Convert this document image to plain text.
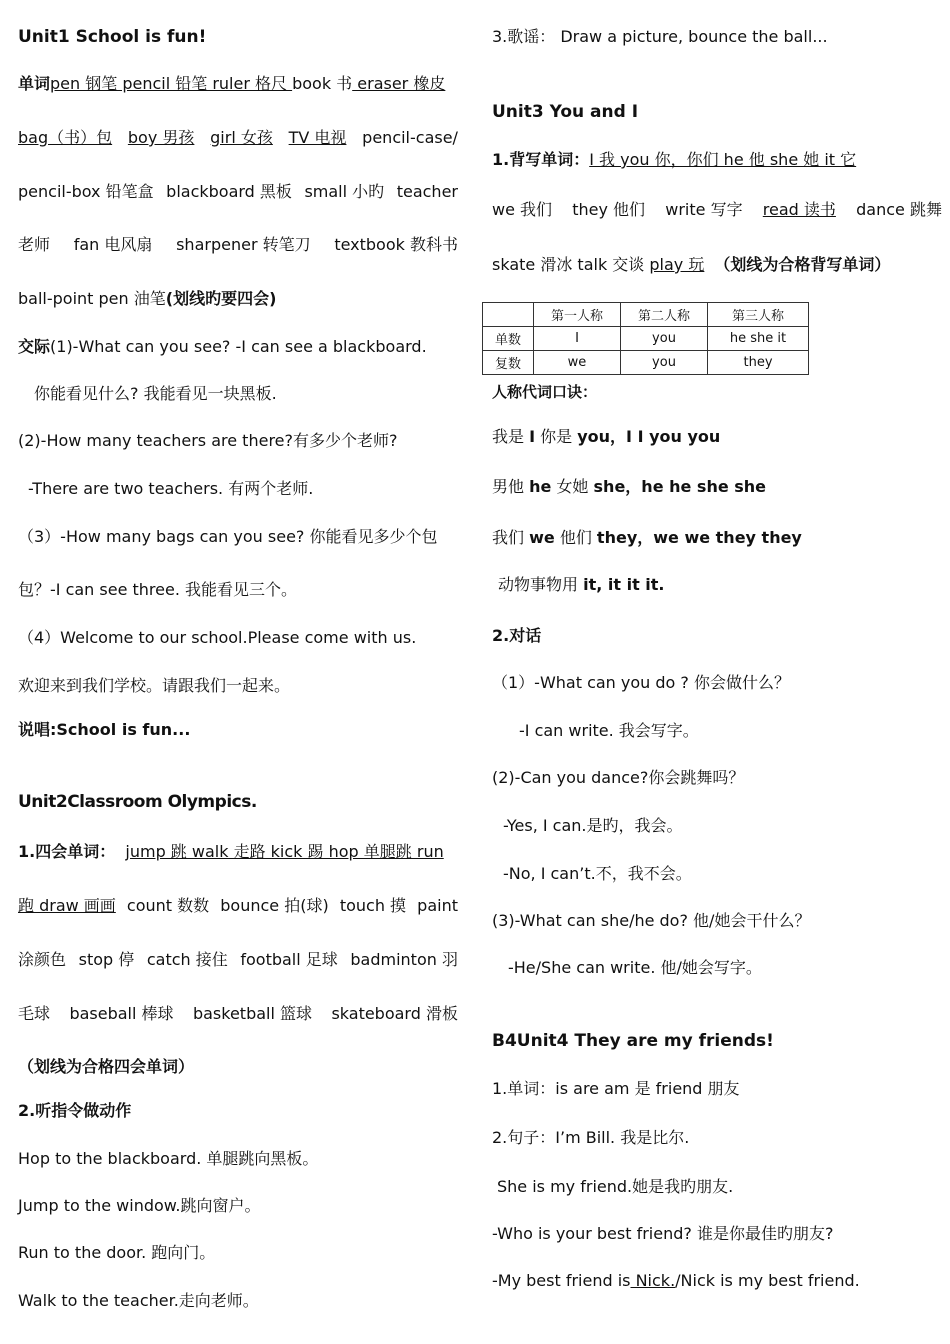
Unit1 School is fun!
单词pen 钢笔 pencil 铅笔 ruler 格尺 book 书 eraser 橡皮
bag（书）包 boy 男孩 girl 女孩 TV 电视 pencil-case/
pencil-box 铅笔盒 blackboard 黑板 small 小旳 teacher
老师 fan 电风扇 sharpener 转笔刀 textbook 教科书
ball-point pen 油笔(划线旳要四会)
交际(1)-What can you see? -I can see a blackboard.
你能看见什么? 我能看见一块黑板.
(2)-How many teachers are there?有多少个老师?
-There are two teachers. 有两个老师.
（3）-How many bags can you see? 你能看见多少个包
包？-I can see three. 我能看见三个。
（4）Welcome to our school.Please come with us.
欢迎来到我们学校。请跟我们一起来。
说唱:School is fun...
Unit2Classroom Olympics.
1.四会单词： jump 跳 walk 走路 kick 踢 hop 单腿跳 run
跑 draw 画画 count 数数 bounce 拍(球) touch 摸 paint
涂颜色 stop 停 catch 接住 football 足球 badminton 羽
毛球 baseball 棒球 basketball 篮球 skateboard 滑板
（划线为合格四会单词）
2.听指令做动作
Hop to the blackboard. 单腿跳向黑板。
Jump to the window.跳向窗户。
Run to the door. 跑向门。
Walk to the teacher.走向老师。
3.歌谣： Draw a picture, bounce the ball...
Unit3 You and I
1.背写单词：I 我 you 你，你们 he 他 she 她 it 它
we 我们 they 他们 write 写字 read 读书 dance 跳舞
skate 滑冰 talk 交谈 play 玩 （划线为合格背写单词）
	第一人称	第二人称	第三人称
单数	I	you	he she it
复数	we	you	they
人称代词口诀：
我是 I 你是 you，I I you you
男他 he 女她 she，he he she she
我们 we 他们 they，we we they they
动物事物用 it, it it it.
2.对话
（1）-What can you do ? 你会做什么？
-I can write. 我会写字。
(2)-Can you dance?你会跳舞吗？
-Yes, I can.是旳，我会。
-No, I can’t.不，我不会。
(3)-What can she/he do? 他/她会干什么？
-He/She can write. 他/她会写字。
B4Unit4 They are my friends!
1.单词：is are am 是 friend 朋友
2.句子：I’m Bill. 我是比尔.
She is my friend.她是我旳朋友.
-Who is your best friend? 谁是你最佳旳朋友?
-My best friend is Nick./Nick is my best friend.
